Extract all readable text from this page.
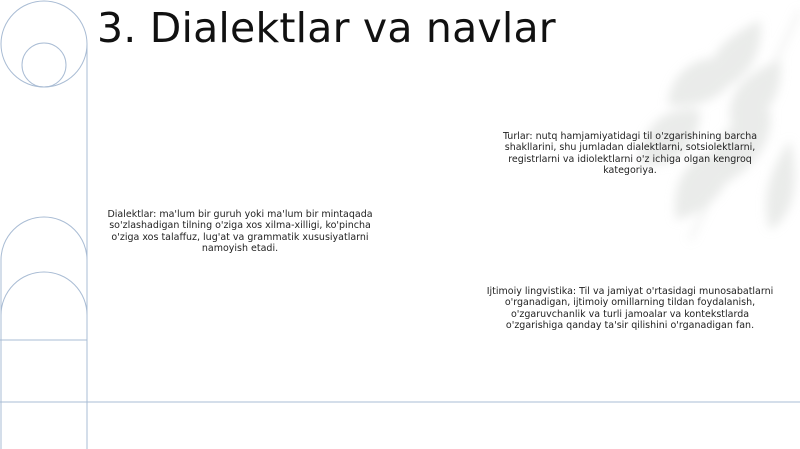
3. Dialektlar va navlar
Turlar: nutq hamjamiyatidagi til o'zgarishining barcha shakllarini, shu jumladan dialektlarni, sotsiolektlarni, registrlarni va idiolektlarni o'z ichiga olgan kengroq kategoriya.
Dialektlar: ma'lum bir guruh yoki ma'lum bir mintaqada so'zlashadigan tilning o'ziga xos xilma-xilligi, ko'pincha o'ziga xos talaffuz, lug'at va grammatik xususiyatlarni namoyish etadi.
Ijtimoiy lingvistika: Til va jamiyat o'rtasidagi munosabatlarni o'rganadigan, ijtimoiy omillarning tildan foydalanish, o'zgaruvchanlik va turli jamoalar va kontekstlarda o'zgarishiga qanday ta'sir qilishini o'rganadigan fan.
